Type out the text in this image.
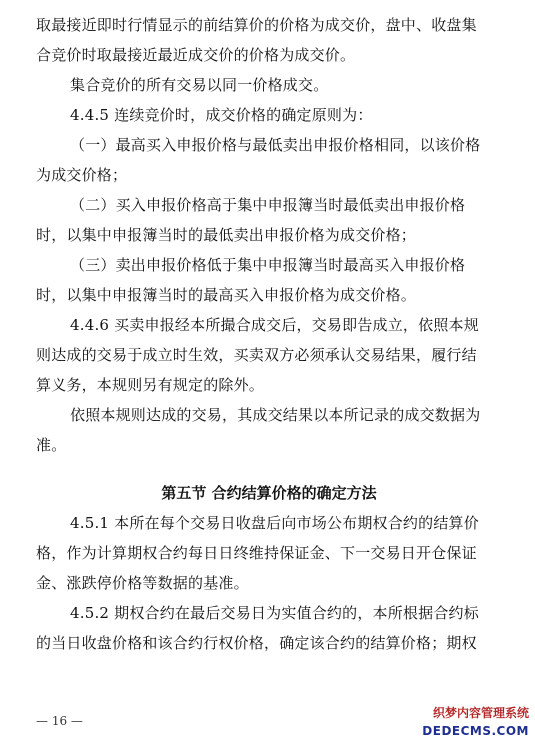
取最接近即时行情显示的前结算价的价格为成交价，盘中、收盘集
合竞价时取最接近最近成交价的价格为成交价。
集合竞价的所有交易以同一价格成交。
4.4.5 连续竞价时，成交价格的确定原则为：
（一）最高买入申报价格与最低卖出申报价格相同，以该价格
为成交价格；
（二）买入申报价格高于集中申报簿当时最低卖出申报价格
时，以集中申报簿当时的最低卖出申报价格为成交价格；
（三）卖出申报价格低于集中申报簿当时最高买入申报价格
时，以集中申报簿当时的最高买入申报价格为成交价格。
4.4.6 买卖申报经本所撮合成交后，交易即告成立，依照本规
则达成的交易于成立时生效，买卖双方必须承认交易结果，履行结
算义务，本规则另有规定的除外。
依照本规则达成的交易，其成交结果以本所记录的成交数据为
准。
第五节 合约结算价格的确定方法
4.5.1 本所在每个交易日收盘后向市场公布期权合约的结算价
格，作为计算期权合约每日日终维持保证金、下一交易日开仓保证
金、涨跌停价格等数据的基准。
4.5.2 期权合约在最后交易日为实值合约的，本所根据合约标
的当日收盘价格和该合约行权价格，确定该合约的结算价格；期权
— 16 —
织梦内容管理系统
DEDECMS.COM
